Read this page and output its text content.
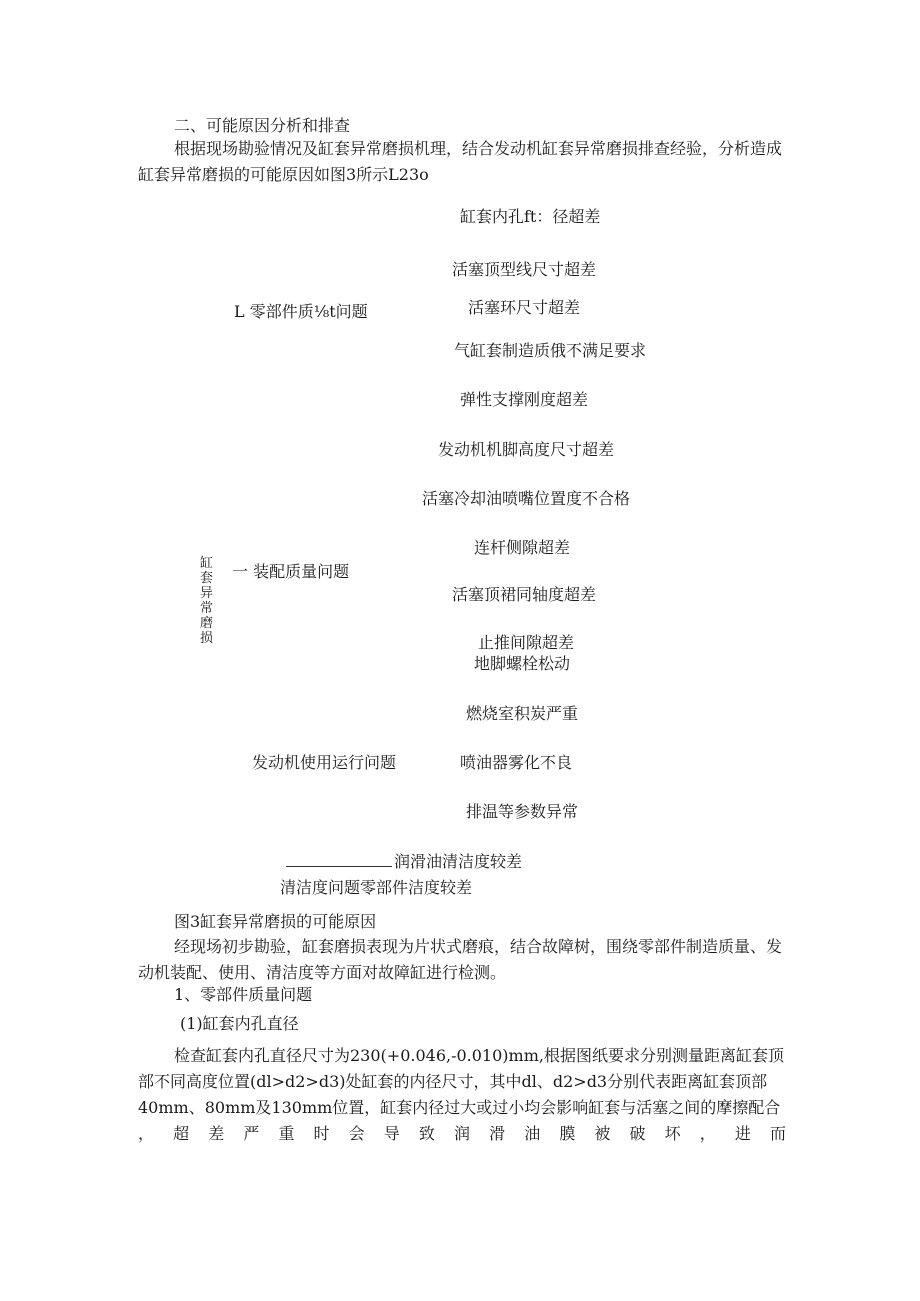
二、可能原因分析和排查
根据现场勘验情况及缸套异常磨损机理，结合发动机缸套异常磨损排查经验，分析造成缸套异常磨损的可能原因如图3所示L23o
缸套异常磨损
L 零部件质⅛t问题
一 装配质量问题
发动机使用运行问题
缸套内孔ft：径超差
活塞顶型线尺寸超差
活塞环尺寸超差
气缸套制造质俄不满足要求
弹性支撑刚度超差
发动机机脚高度尺寸超差
活塞冷却油喷嘴位置度不合格
连杆侧隙超差
活塞顶裙同轴度超差
止推间隙超差
地脚螺栓松动
燃烧室积炭严重
喷油器雾化不良
排温等参数异常
润滑油清洁度较差
清洁度问题零部件洁度较差
图3缸套异常磨损的可能原因
经现场初步勘验，缸套磨损表现为片状式磨痕，结合故障树，围绕零部件制造质量、发动机装配、使用、清洁度等方面对故障缸进行检测。
1、零部件质量问题
(1)缸套内孔直径
检查缸套内孔直径尺寸为230(+0.046,-0.010)mm,根据图纸要求分别测量距离缸套顶部不同高度位置(dl>d2>d3)处缸套的内径尺寸，其中dl、d2>d3分别代表距离缸套顶部40mm、80mm及130mm位置，缸套内径过大或过小均会影响缸套与活塞之间的摩擦配合
，超差严重时会导致润滑油膜被破坏，进而
